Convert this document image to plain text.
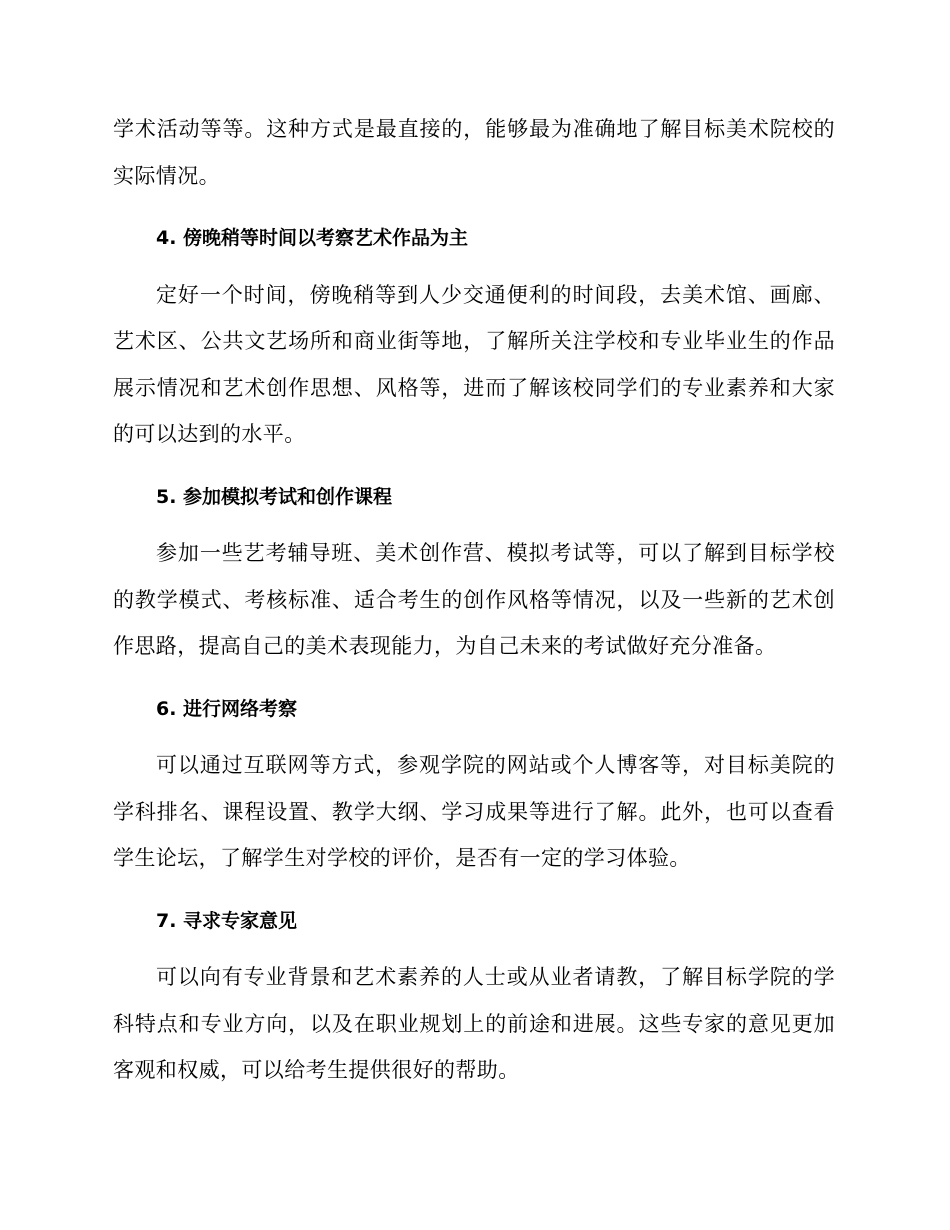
学术活动等等。这种方式是最直接的，能够最为准确地了解目标美术院校的实际情况。

4. 傍晚稍等时间以考察艺术作品为主

定好一个时间，傍晚稍等到人少交通便利的时间段，去美术馆、画廊、艺术区、公共文艺场所和商业街等地，了解所关注学校和专业毕业生的作品展示情况和艺术创作思想、风格等，进而了解该校同学们的专业素养和大家的可以达到的水平。

5. 参加模拟考试和创作课程

参加一些艺考辅导班、美术创作营、模拟考试等，可以了解到目标学校的教学模式、考核标准、适合考生的创作风格等情况，以及一些新的艺术创作思路，提高自己的美术表现能力，为自己未来的考试做好充分准备。

6. 进行网络考察

可以通过互联网等方式，参观学院的网站或个人博客等，对目标美院的学科排名、课程设置、教学大纲、学习成果等进行了解。此外，也可以查看学生论坛，了解学生对学校的评价，是否有一定的学习体验。

7. 寻求专家意见

可以向有专业背景和艺术素养的人士或从业者请教，了解目标学院的学科特点和专业方向，以及在职业规划上的前途和进展。这些专家的意见更加客观和权威，可以给考生提供很好的帮助。
